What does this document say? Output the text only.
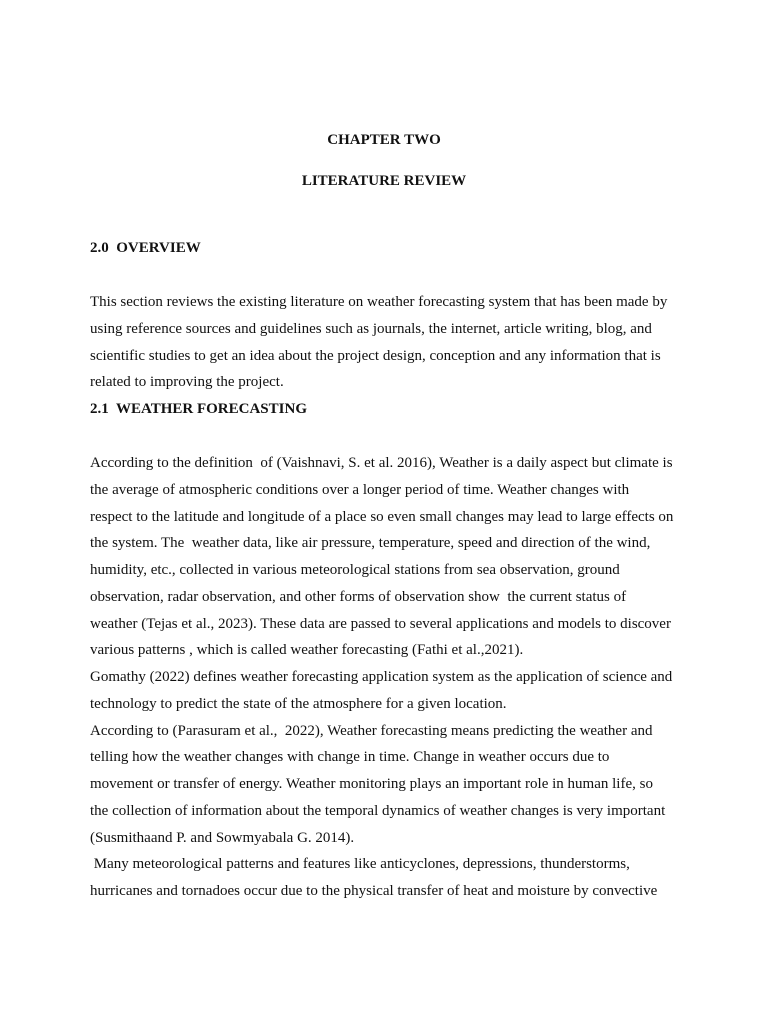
CHAPTER TWO
LITERATURE REVIEW
2.0  OVERVIEW
This section reviews the existing literature on weather forecasting system that has been made by
using reference sources and guidelines such as journals, the internet, article writing, blog, and
scientific studies to get an idea about the project design, conception and any information that is
related to improving the project.
2.1  WEATHER FORECASTING
According to the definition  of (Vaishnavi, S. et al. 2016), Weather is a daily aspect but climate is
the average of atmospheric conditions over a longer period of time. Weather changes with
respect to the latitude and longitude of a place so even small changes may lead to large effects on
the system. The  weather data, like air pressure, temperature, speed and direction of the wind,
humidity, etc., collected in various meteorological stations from sea observation, ground
observation, radar observation, and other forms of observation show  the current status of
weather (Tejas et al., 2023). These data are passed to several applications and models to discover
various patterns , which is called weather forecasting (Fathi et al.,2021).
Gomathy (2022) defines weather forecasting application system as the application of science and
technology to predict the state of the atmosphere for a given location.
According to (Parasuram et al.,  2022), Weather forecasting means predicting the weather and
telling how the weather changes with change in time. Change in weather occurs due to
movement or transfer of energy. Weather monitoring plays an important role in human life, so
the collection of information about the temporal dynamics of weather changes is very important
(Susmithaand P. and Sowmyabala G. 2014).
Many meteorological patterns and features like anticyclones, depressions, thunderstorms,
hurricanes and tornadoes occur due to the physical transfer of heat and moisture by convective
